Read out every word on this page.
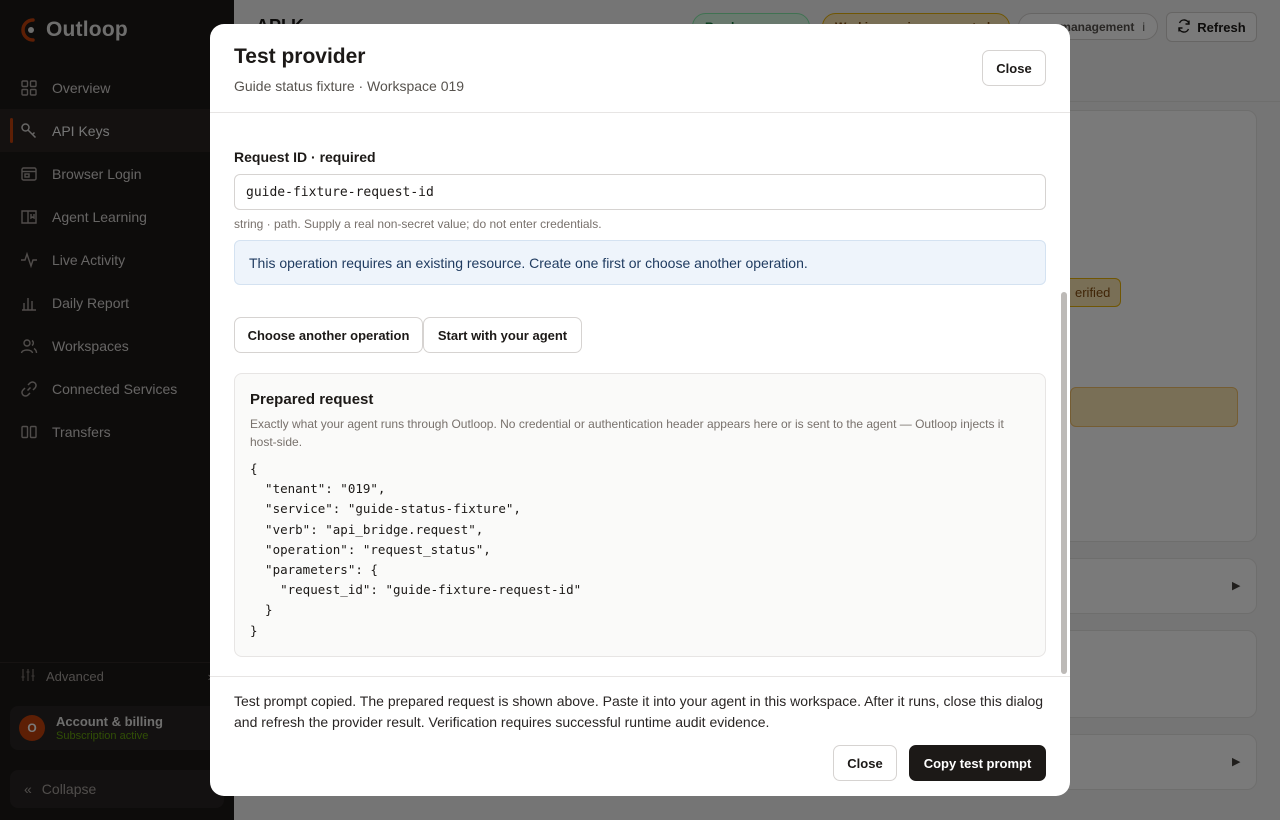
Test provider
Guide status fixture · Workspace 019
Close
Request ID · required
guide-fixture-request-id
string · path. Supply a real non-secret value; do not enter credentials.
This operation requires an existing resource. Create one first or choose another operation.
Choose another operation	Start with your agent
Prepared request
Exactly what your agent runs through Outloop. No credential or authentication header appears here or is sent to the agent — Outloop injects it host-side.
{
"tenant": "019",
"service": "guide-status-fixture",
"verb": "api_bridge.request",
"operation": "request_status",
"parameters": {
"request_id": "guide-fixture-request-id"
}
}
Test prompt copied. The prepared request is shown above. Paste it into your agent in this workspace. After it runs, close this dialog and refresh the provider result. Verification requires successful runtime audit evidence.
Close	Copy test prompt
